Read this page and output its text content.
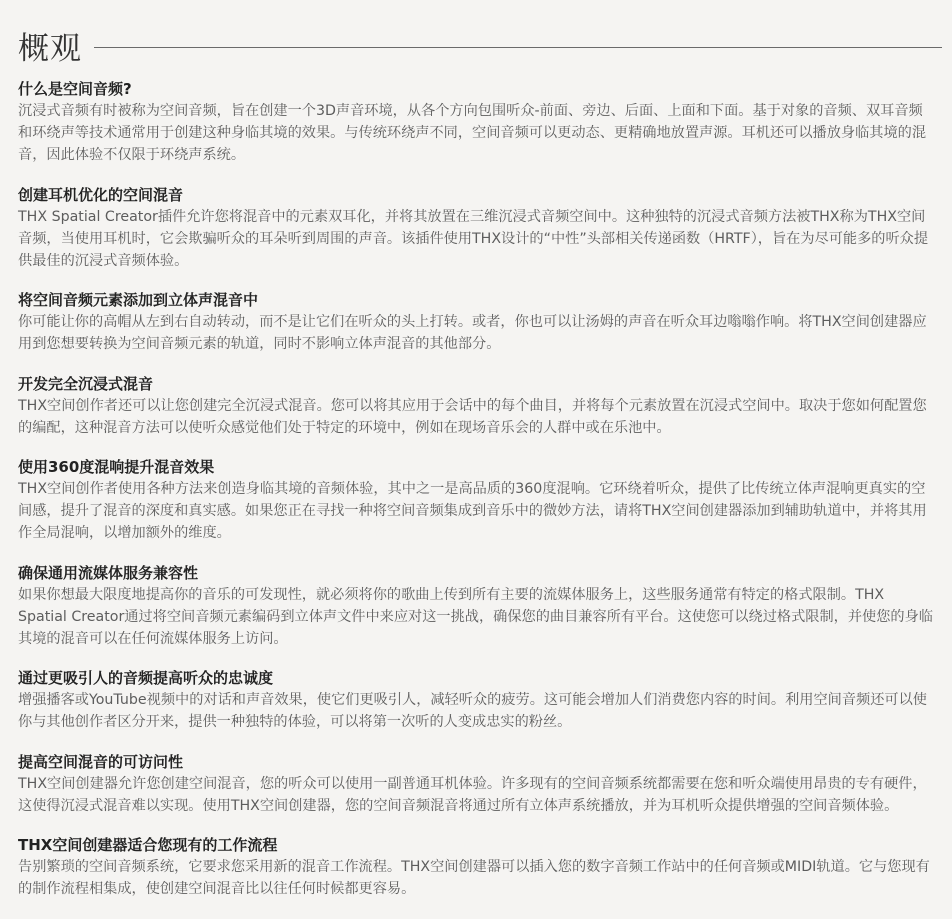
概观
什么是空间音频?

沉浸式音频有时被称为空间音频，旨在创建一个3D声音环境，从各个方向包围听众-前面、旁边、后面、上面和下面。基于对象的音频、双耳音频和环绕声等技术通常用于创建这种身临其境的效果。与传统环绕声不同，空间音频可以更动态、更精确地放置声源。耳机还可以播放身临其境的混音，因此体验不仅限于环绕声系统。

创建耳机优化的空间混音

THX Spatial Creator插件允许您将混音中的元素双耳化，并将其放置在三维沉浸式音频空间中。这种独特的沉浸式音频方法被THX称为THX空间音频，当使用耳机时，它会欺骗听众的耳朵听到周围的声音。该插件使用THX设计的“中性”头部相关传递函数（HRTF），旨在为尽可能多的听众提供最佳的沉浸式音频体验。

将空间音频元素添加到立体声混音中

你可能让你的高帽从左到右自动转动，而不是让它们在听众的头上打转。或者，你也可以让汤姆的声音在听众耳边嗡嗡作响。将THX空间创建器应用到您想要转换为空间音频元素的轨道，同时不影响立体声混音的其他部分。

开发完全沉浸式混音

THX空间创作者还可以让您创建完全沉浸式混音。您可以将其应用于会话中的每个曲目，并将每个元素放置在沉浸式空间中。取决于您如何配置您的编配，这种混音方法可以使听众感觉他们处于特定的环境中，例如在现场音乐会的人群中或在乐池中。

使用360度混响提升混音效果

THX空间创作者使用各种方法来创造身临其境的音频体验，其中之一是高品质的360度混响。它环绕着听众，提供了比传统立体声混响更真实的空间感，提升了混音的深度和真实感。如果您正在寻找一种将空间音频集成到音乐中的微妙方法，请将THX空间创建器添加到辅助轨道中，并将其用作全局混响，以增加额外的维度。

确保通用流媒体服务兼容性

如果你想最大限度地提高你的音乐的可发现性，就必须将你的歌曲上传到所有主要的流媒体服务上，这些服务通常有特定的格式限制。THX Spatial Creator通过将空间音频元素编码到立体声文件中来应对这一挑战，确保您的曲目兼容所有平台。这使您可以绕过格式限制，并使您的身临其境的混音可以在任何流媒体服务上访问。

通过更吸引人的音频提高听众的忠诚度

增强播客或YouTube视频中的对话和声音效果，使它们更吸引人，减轻听众的疲劳。这可能会增加人们消费您内容的时间。利用空间音频还可以使你与其他创作者区分开来，提供一种独特的体验，可以将第一次听的人变成忠实的粉丝。

提高空间混音的可访问性

THX空间创建器允许您创建空间混音，您的听众可以使用一副普通耳机体验。许多现有的空间音频系统都需要在您和听众端使用昂贵的专有硬件，这使得沉浸式混音难以实现。使用THX空间创建器，您的空间音频混音将通过所有立体声系统播放，并为耳机听众提供增强的空间音频体验。

THX空间创建器适合您现有的工作流程

告别繁琐的空间音频系统，它要求您采用新的混音工作流程。THX空间创建器可以插入您的数字音频工作站中的任何音频或MIDI轨道。它与您现有的制作流程相集成，使创建空间混音比以往任何时候都更容易。
